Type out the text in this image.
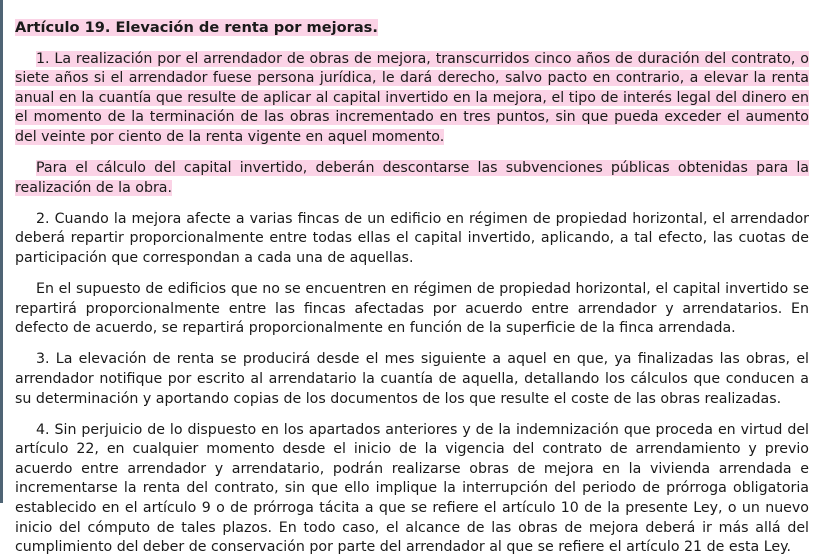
Artículo 19. Elevación de renta por mejoras.

1. La realización por el arrendador de obras de mejora, transcurridos cinco años de duración del contrato, o siete años si el arrendador fuese persona jurídica, le dará derecho, salvo pacto en contrario, a elevar la renta anual en la cuantía que resulte de aplicar al capital invertido en la mejora, el tipo de interés legal del dinero en el momento de la terminación de las obras incrementado en tres puntos, sin que pueda exceder el aumento del veinte por ciento de la renta vigente en aquel momento.

Para el cálculo del capital invertido, deberán descontarse las subvenciones públicas obtenidas para la realización de la obra.

2. Cuando la mejora afecte a varias fincas de un edificio en régimen de propiedad horizontal, el arrendador deberá repartir proporcionalmente entre todas ellas el capital invertido, aplicando, a tal efecto, las cuotas de participación que correspondan a cada una de aquellas.

En el supuesto de edificios que no se encuentren en régimen de propiedad horizontal, el capital invertido se repartirá proporcionalmente entre las fincas afectadas por acuerdo entre arrendador y arrendatarios. En defecto de acuerdo, se repartirá proporcionalmente en función de la superficie de la finca arrendada.

3. La elevación de renta se producirá desde el mes siguiente a aquel en que, ya finalizadas las obras, el arrendador notifique por escrito al arrendatario la cuantía de aquella, detallando los cálculos que conducen a su determinación y aportando copias de los documentos de los que resulte el coste de las obras realizadas.

4. Sin perjuicio de lo dispuesto en los apartados anteriores y de la indemnización que proceda en virtud del artículo 22, en cualquier momento desde el inicio de la vigencia del contrato de arrendamiento y previo acuerdo entre arrendador y arrendatario, podrán realizarse obras de mejora en la vivienda arrendada e incrementarse la renta del contrato, sin que ello implique la interrupción del periodo de prórroga obligatoria establecido en el artículo 9 o de prórroga tácita a que se refiere el artículo 10 de la presente Ley, o un nuevo inicio del cómputo de tales plazos. En todo caso, el alcance de las obras de mejora deberá ir más allá del cumplimiento del deber de conservación por parte del arrendador al que se refiere el artículo 21 de esta Ley.
